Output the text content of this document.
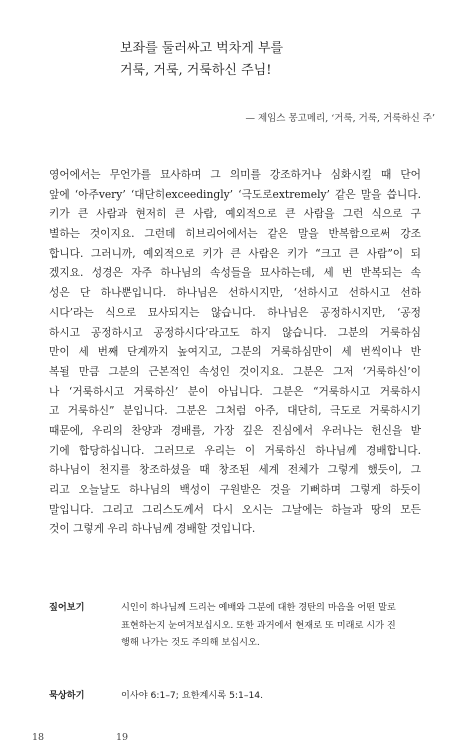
보좌를 둘러싸고 벅차게 부를
거룩, 거룩, 거룩하신 주님!
— 제임스 몽고메리, ‘거룩, 거룩, 거룩하신 주’
영어에서는 무언가를 묘사하며 그 의미를 강조하거나 심화시킬 때 단어
앞에 ‘아주very’ ‘대단히exceedingly’ ‘극도로extremely’ 같은 말을 씁니다.
키가 큰 사람과 현저히 큰 사람, 예외적으로 큰 사람을 그런 식으로 구
별하는 것이지요. 그런데 히브리어에서는 같은 말을 반복함으로써 강조
합니다. 그러니까, 예외적으로 키가 큰 사람은 키가 “크고 큰 사람”이 되
겠지요. 성경은 자주 하나님의 속성들을 묘사하는데, 세 번 반복되는 속
성은 단 하나뿐입니다. 하나님은 선하시지만, ‘선하시고 선하시고 선하
시다’라는 식으로 묘사되지는 않습니다. 하나님은 공정하시지만, ‘공정
하시고 공정하시고 공정하시다’라고도 하지 않습니다. 그분의 거룩하심
만이 세 번째 단계까지 높여지고, 그분의 거룩하심만이 세 번씩이나 반
복될 만큼 그분의 근본적인 속성인 것이지요. 그분은 그저 ‘거룩하신’이
나 ‘거룩하시고 거룩하신’ 분이 아닙니다. 그분은 “거룩하시고 거룩하시
고 거룩하신” 분입니다. 그분은 그처럼 아주, 대단히, 극도로 거룩하시기
때문에, 우리의 찬양과 경배를, 가장 깊은 진심에서 우러나는 헌신을 받
기에 합당하십니다. 그러므로 우리는 이 거룩하신 하나님께 경배합니다.
하나님이 천지를 창조하셨을 때 창조된 세계 전체가 그렇게 했듯이, 그
리고 오늘날도 하나님의 백성이 구원받은 것을 기뻐하며 그렇게 하듯이
말입니다. 그리고 그리스도께서 다시 오시는 그날에는 하늘과 땅의 모든
것이 그렇게 우리 하나님께 경배할 것입니다.
짚어보기	시인이 하나님께 드리는 예배와 그분에 대한 경탄의 마음을 어떤 말로
표현하는지 눈여겨보십시오. 또한 과거에서 현재로 또 미래로 시가 진
행해 나가는 것도 주의해 보십시오.
묵상하기	이사야 6:1–7; 요한계시록 5:1–14.
18	19
